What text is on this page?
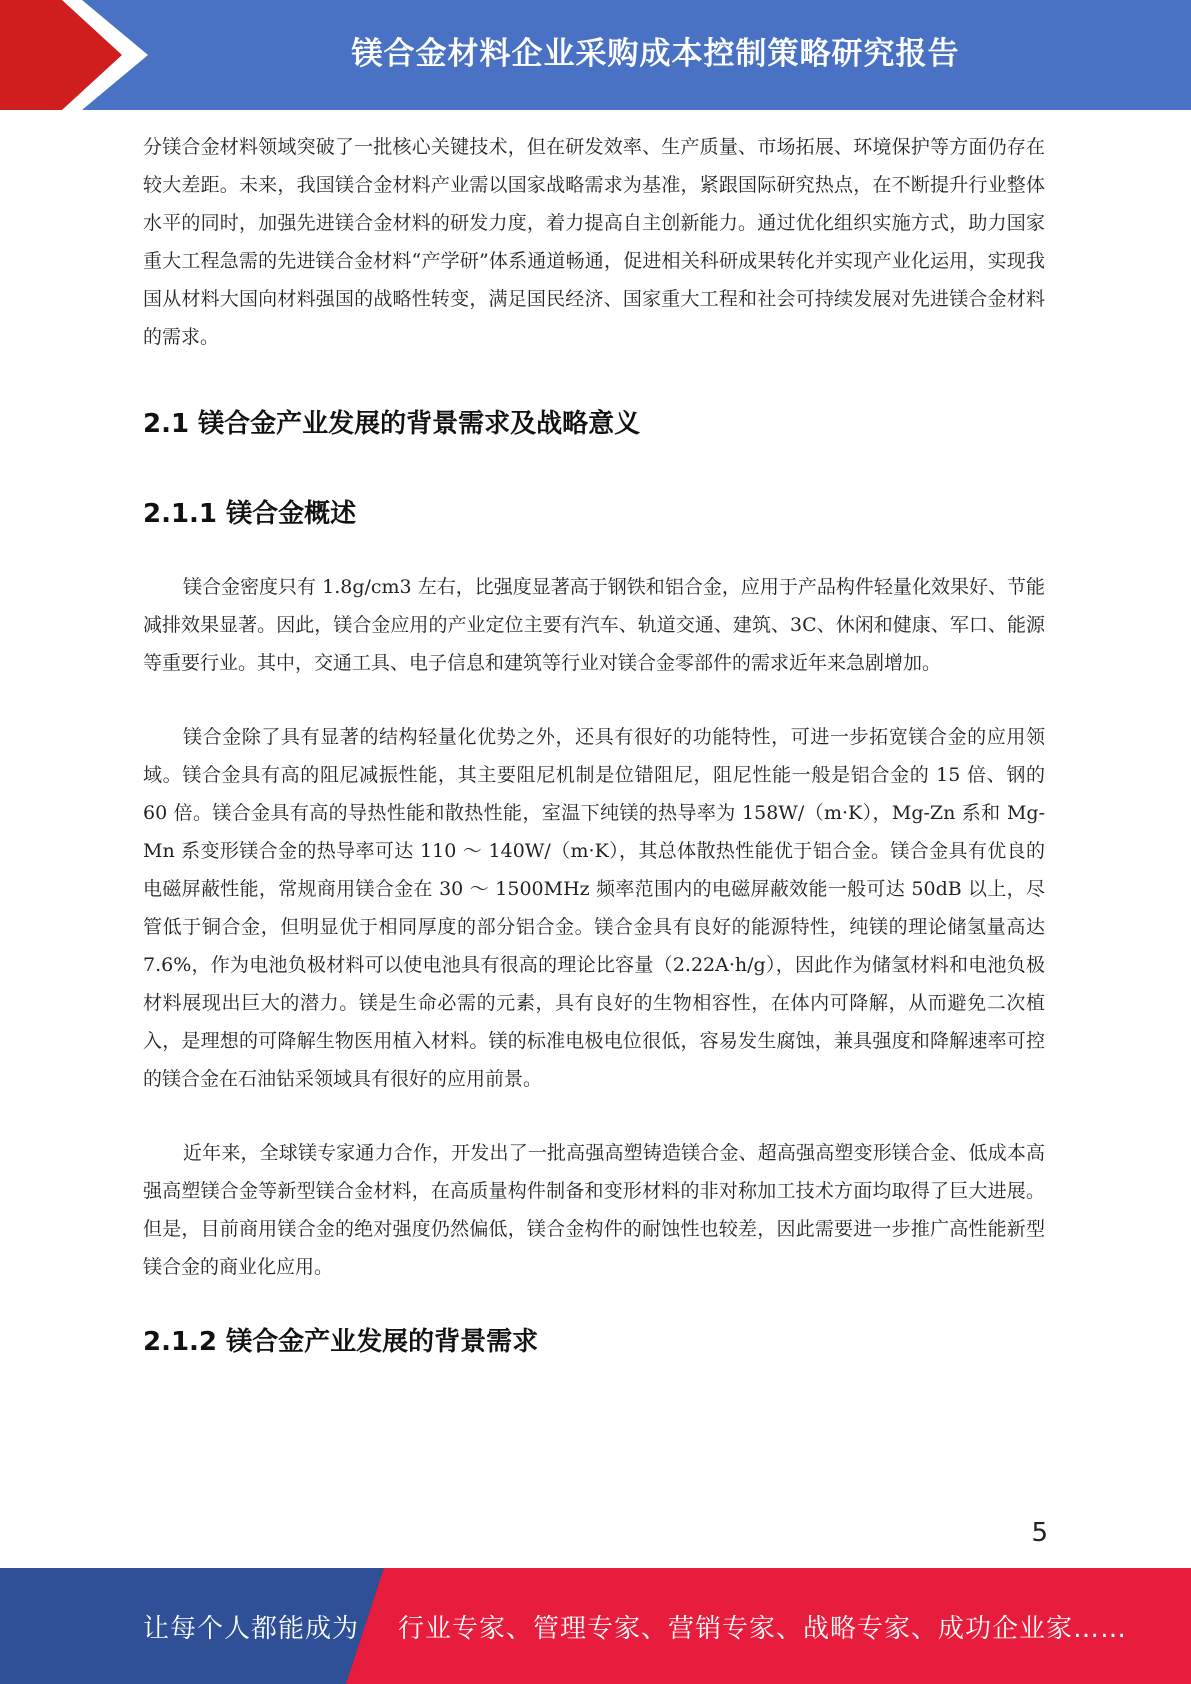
镁合金材料企业采购成本控制策略研究报告

分镁合金材料领域突破了一批核心关键技术，但在研发效率、生产质量、市场拓展、环境保护等方面仍存在较大差距。未来，我国镁合金材料产业需以国家战略需求为基准，紧跟国际研究热点，在不断提升行业整体水平的同时，加强先进镁合金材料的研发力度，着力提高自主创新能力。通过优化组织实施方式，助力国家重大工程急需的先进镁合金材料“产学研”体系通道畅通，促进相关科研成果转化并实现产业化运用，实现我国从材料大国向材料强国的战略性转变，满足国民经济、国家重大工程和社会可持续发展对先进镁合金材料的需求。

2.1 镁合金产业发展的背景需求及战略意义
2.1.1 镁合金概述

镁合金密度只有 1.8g/cm3 左右，比强度显著高于钢铁和铝合金，应用于产品构件轻量化效果好、节能减排效果显著。因此，镁合金应用的产业定位主要有汽车、轨道交通、建筑、3C、休闲和健康、军口、能源等重要行业。其中，交通工具、电子信息和建筑等行业对镁合金零部件的需求近年来急剧增加。

镁合金除了具有显著的结构轻量化优势之外，还具有很好的功能特性，可进一步拓宽镁合金的应用领域。镁合金具有高的阻尼减振性能，其主要阻尼机制是位错阻尼，阻尼性能一般是铝合金的 15 倍、钢的 60 倍。镁合金具有高的导热性能和散热性能，室温下纯镁的热导率为 158W/（m·K），Mg-Zn 系和 Mg-Mn 系变形镁合金的热导率可达 110 ～ 140W/（m·K），其总体散热性能优于铝合金。镁合金具有优良的电磁屏蔽性能，常规商用镁合金在 30 ～ 1500MHz 频率范围内的电磁屏蔽效能一般可达 50dB 以上，尽管低于铜合金，但明显优于相同厚度的部分铝合金。镁合金具有良好的能源特性，纯镁的理论储氢量高达 7.6%，作为电池负极材料可以使电池具有很高的理论比容量（2.22A·h/g），因此作为储氢材料和电池负极材料展现出巨大的潜力。镁是生命必需的元素，具有良好的生物相容性，在体内可降解，从而避免二次植入，是理想的可降解生物医用植入材料。镁的标准电极电位很低，容易发生腐蚀，兼具强度和降解速率可控的镁合金在石油钻采领域具有很好的应用前景。

近年来，全球镁专家通力合作，开发出了一批高强高塑铸造镁合金、超高强高塑变形镁合金、低成本高强高塑镁合金等新型镁合金材料，在高质量构件制备和变形材料的非对称加工技术方面均取得了巨大进展。但是，目前商用镁合金的绝对强度仍然偏低，镁合金构件的耐蚀性也较差，因此需要进一步推广高性能新型镁合金的商业化应用。

2.1.2 镁合金产业发展的背景需求
5
让每个人都能成为 行业专家、管理专家、营销专家、战略专家、成功企业家……
